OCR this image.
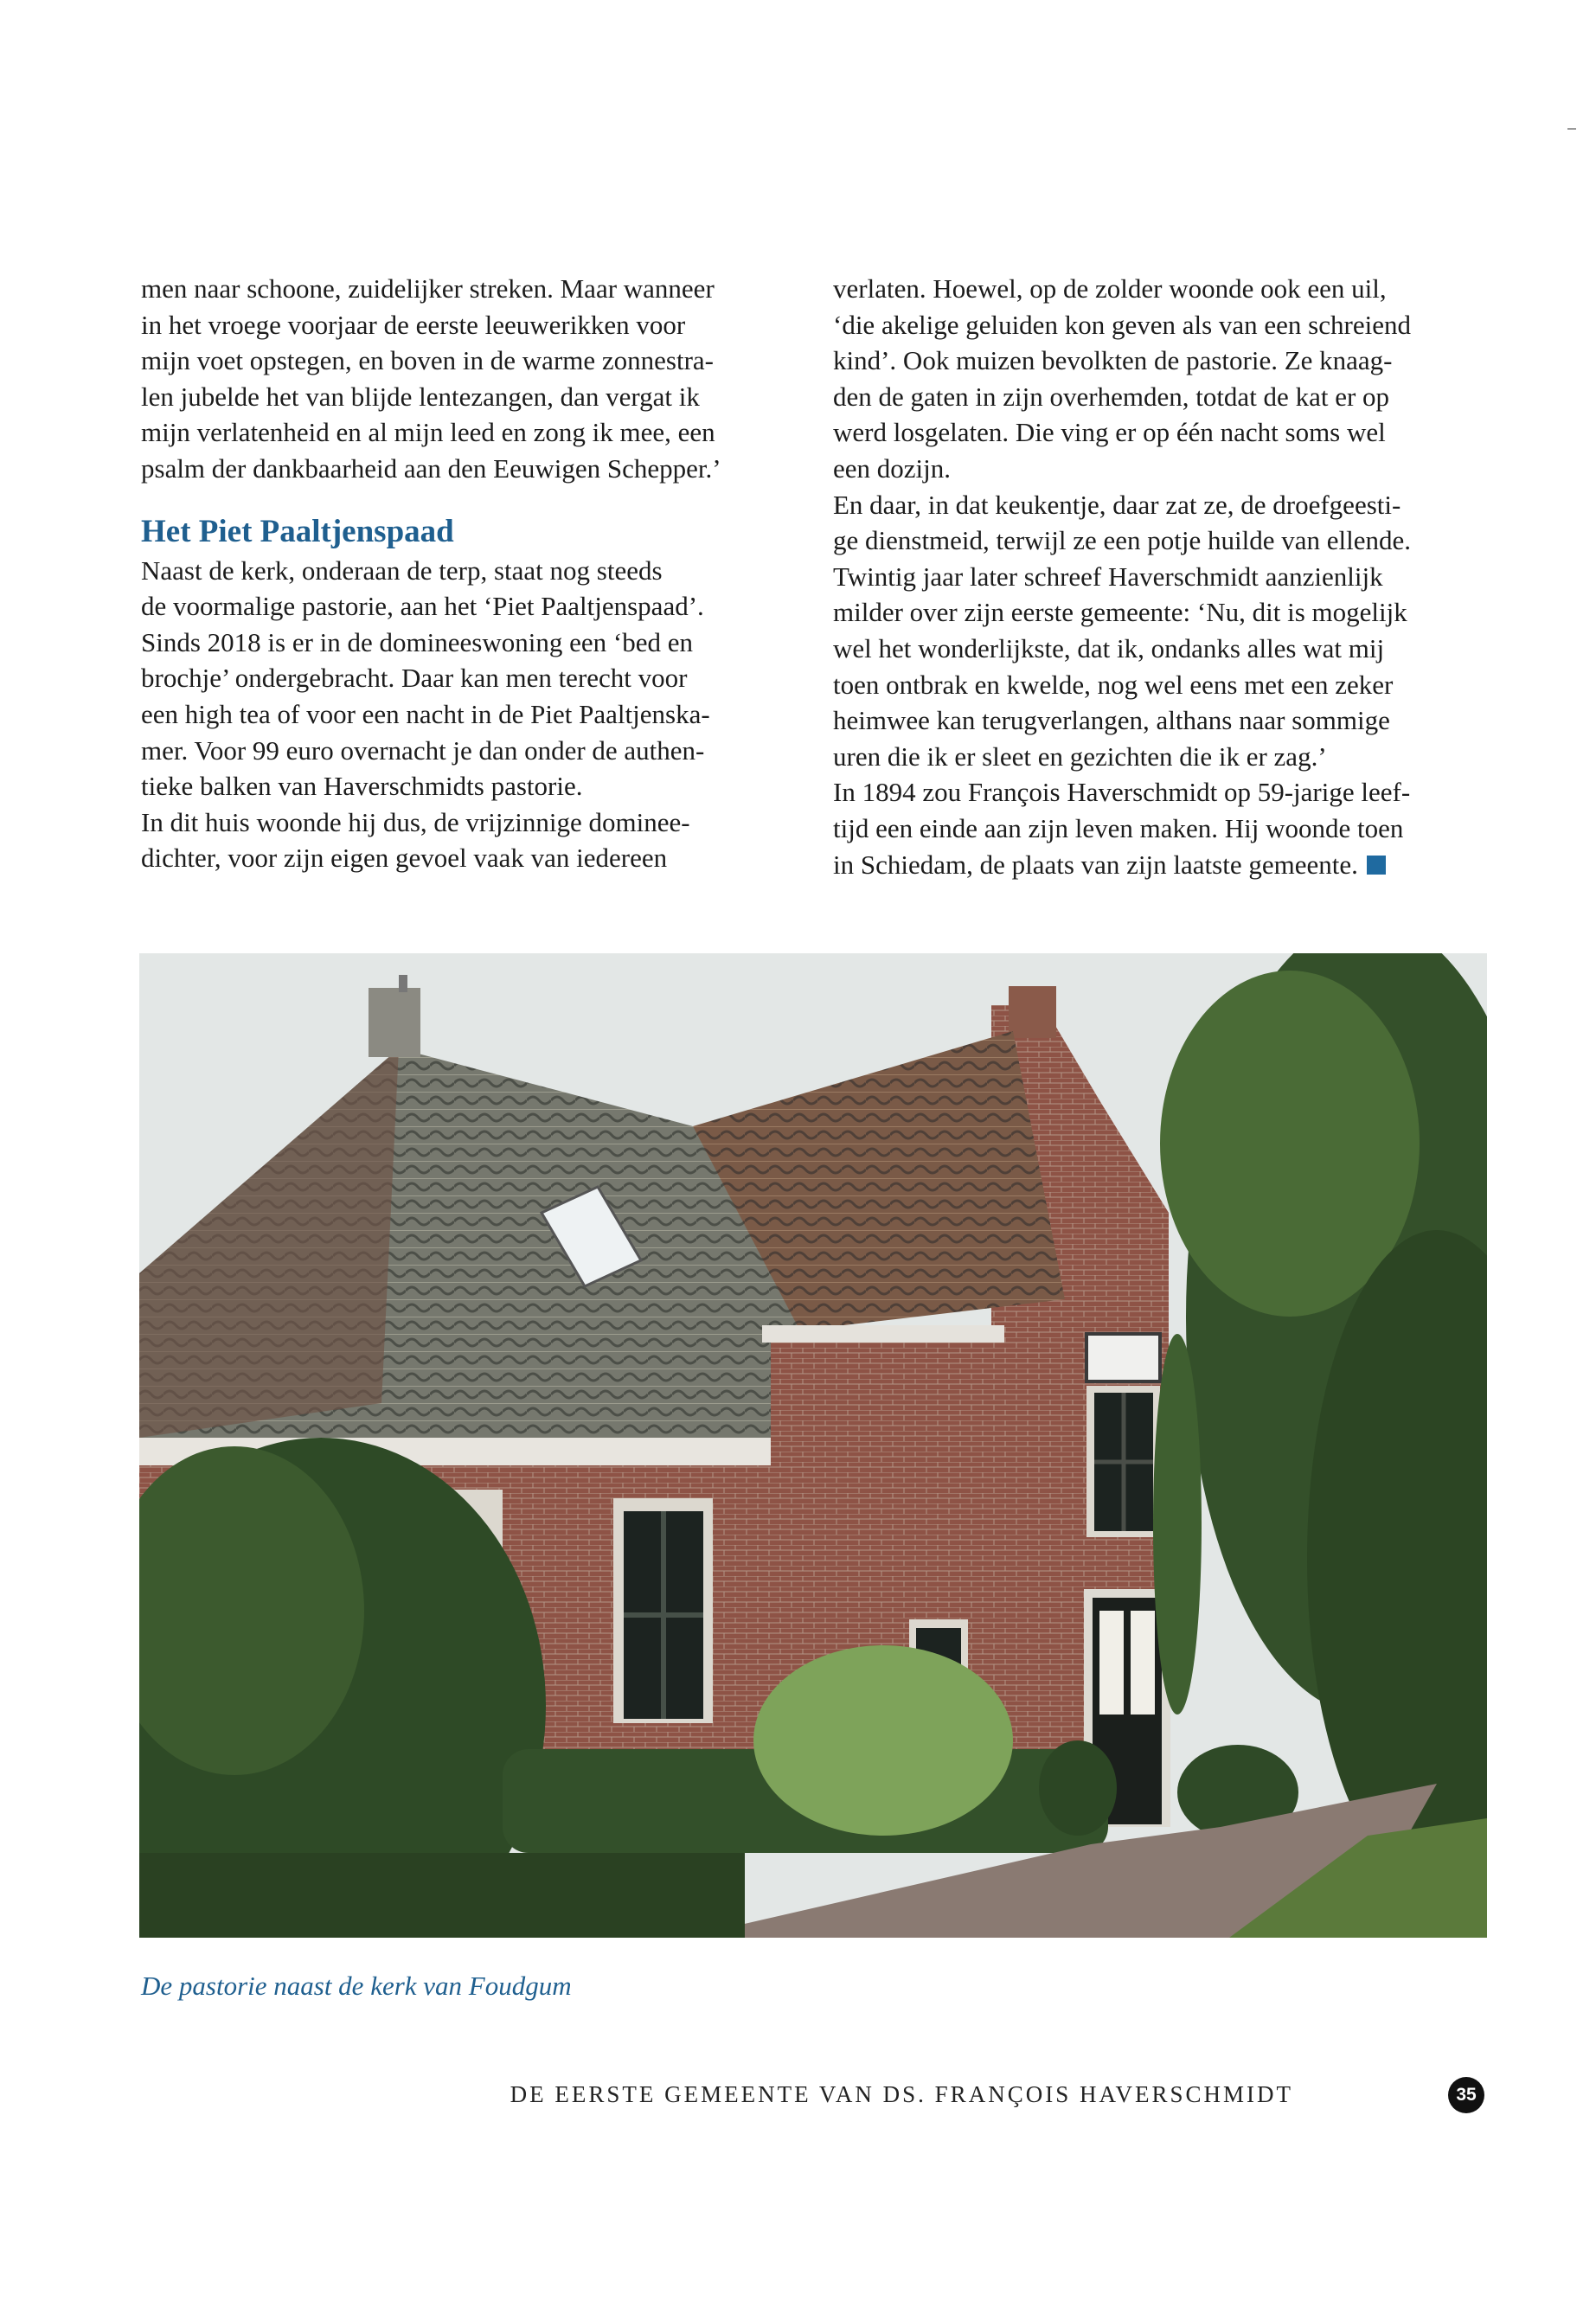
men naar schoone, zuidelijker streken. Maar wanneer
in het vroege voorjaar de eerste leeuwerikken voor
mijn voet opstegen, en boven in de warme zonnestra-
len jubelde het van blijde lentezangen, dan vergat ik
mijn verlatenheid en al mijn leed en zong ik mee, een
psalm der dankbaarheid aan den Eeuwigen Schepper.’

Het Piet Paaltjenspaad

Naast de kerk, onderaan de terp, staat nog steeds
de voormalige pastorie, aan het ‘Piet Paaltjenspaad’.
Sinds 2018 is er in de domineeswoning een ‘bed en
brochje’ ondergebracht. Daar kan men terecht voor
een high tea of voor een nacht in de Piet Paaltjenska-
mer. Voor 99 euro overnacht je dan onder de authen-
tieke balken van Haverschmidts pastorie.

In dit huis woonde hij dus, de vrijzinnige dominee-
dichter, voor zijn eigen gevoel vaak van iedereen

verlaten. Hoewel, op de zolder woonde ook een uil,
‘die akelige geluiden kon geven als van een schreiend
kind’. Ook muizen bevolkten de pastorie. Ze knaag-
den de gaten in zijn overhemden, totdat de kat er op
werd losgelaten. Die ving er op één nacht soms wel
een dozijn.

En daar, in dat keukentje, daar zat ze, de droefgeesti-
ge dienstmeid, terwijl ze een potje huilde van ellende.

Twintig jaar later schreef Haverschmidt aanzienlijk
milder over zijn eerste gemeente: ‘Nu, dit is mogelijk
wel het wonderlijkste, dat ik, ondanks alles wat mij
toen ontbrak en kwelde, nog wel eens met een zeker
heimwee kan terugverlangen, althans naar sommige
uren die ik er sleet en gezichten die ik er zag.’

In 1894 zou François Haverschmidt op 59-jarige leef-
tijd een einde aan zijn leven maken. Hij woonde toen
in Schiedam, de plaats van zijn laatste gemeente.

De pastorie naast de kerk van Foudgum
DE EERSTE GEMEENTE VAN DS. FRANÇOIS HAVERSCHMIDT	35
